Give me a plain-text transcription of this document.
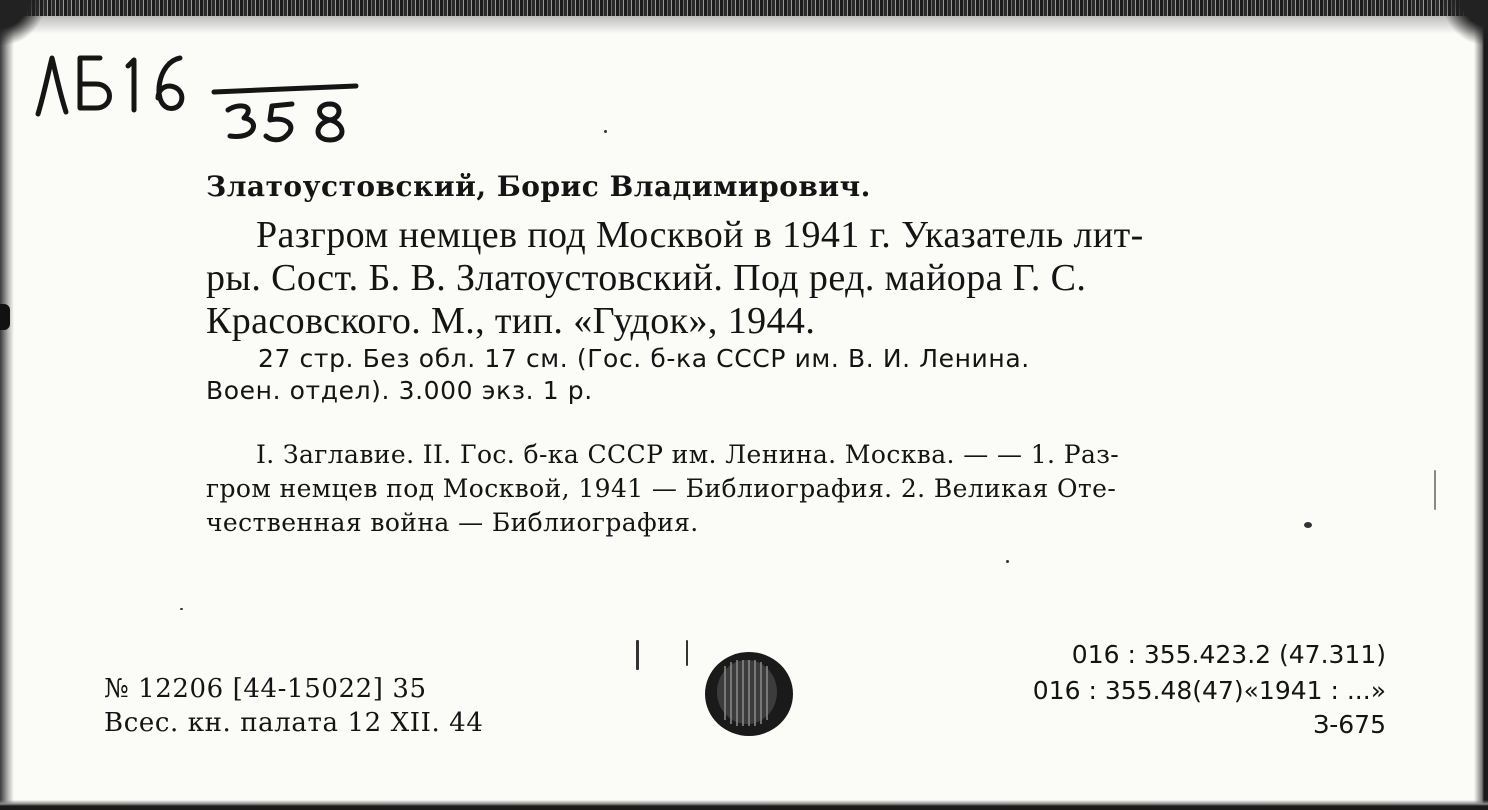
Златоустовский, Борис Владимирович.
Разгром немцев под Москвой в 1941 г. Указатель лит-
ры. Сост. Б. В. Златоустовский. Под ред. майора Г. С.
Красовского. М., тип. «Гудок», 1944.
27 стр. Без обл. 17 см. (Гос. б-ка СССР им. В. И. Ленина.
Воен. отдел). 3.000 экз. 1 р.
I. Заглавие. II. Гос. б-ка СССР им. Ленина. Москва. — — 1. Раз-
гром немцев под Москвой, 1941 — Библиография. 2. Великая Оте-
чественная война — Библиография.
№ 12206 [44-15022] 35
Всес. кн. палата 12 XII. 44
016 : 355.423.2 (47.311)
016 : 355.48(47)«1941 : ...»
З-675
